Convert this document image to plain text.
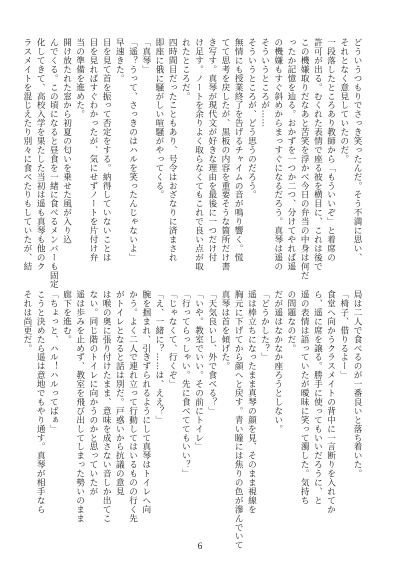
どういうつもりでさっき笑ったんだ。そう不満に思い、
それとなく意見していたのだ。
一段落したところあり教師から「もういいぞ」と着席の
許可が出る。むくれた表情で座る彼を横目に、これは後で
この機嫌取りだなあと苦笑を浮かべ今日の弁当の中身は何だ
ったか記憶を辿る。おかずを一つか二つ、分けてやれば遥
の機嫌もすぐ斜めからまっすぐになるだろう。真琴は遥の
そういうところが……
そういうところが、どう思うのだろう。
無情にも授業終了を告げるチャイムの音が鳴り響く。慌
てて思考を戻したが、黒板の内容を重要そうな箇所だけ書
き写す。真琴が現代文が好きな理由を最後に一つだけ付
け足す。ノートを余りよく取らなくてもこれで良い点が取
れたところだ。
四時間目だったこともあり、号令はおざなりに済まされ
即座に俄に騒がしい喧騒がやってくる。
「真琴」
「遥？うって、さっきのはハルを笑ったんじゃないよ」
早速きた。
目を見て首を振って否定をする。納得していないことは
目を見ればすぐわかったが、気にせずノートを片付け弁
当の準備を進めた。
開け放たれた窓から初夏の匂いを乗せた風が入り込
んでくる。この頃になると昼食を一緒に食べるメンバーも固定
化してきて、高校入学を果たした当初は遥も真琴も他のク
ラスメイトを混じえたり別々に食べたりもしていたが、結
局は二人で食べるのが一番良いと落ち着いた。
「椅子、借りるよー」
食堂へ向かうクラスメイトの背中に一言断りを入れてか
ら、遥に席を譲る。勝手に使ってもいいだろうに、と
遥の表情は語っていたが曖昧に笑って濁した。気持ち
の問題なのだ。
だが遥はなかなか座ろうとしない。
「どうかした？」
遥は棒立ちになったまま真琴の顔を見、そのまま視線を
胸元に下げてから顔へと戻す。青い瞳には焦りの色が滲んでいて
真琴は首を傾げた。
「天気良いし、外で食べる？」
「いや。教室でいい。その前にトイレ」
「行ってらっしゃい。先に食べててもいい？」
「じゃなくて、行くぞ」
「え、一緒に？……は、ええ？」
腕を掴まれ、引きずられるようにして真琴はトイレへ向
かう。よく二人で連れ立って行動してはいるものの行く先
がトイレとなると話は別だ。戸惑いから抗議の意見
は喉の奥に張り付けたまま、意味を成さない音しか出てこ
ない。同じ階のトイレに向かうのかと思っていたが
遥は歩みを止めず、教室を飛び出してしまった勢いのまま
廊下を進む。
「ちょっと、ハル！ハルってばぁ」
こうと決めたら遥は意地でもやり通す。真琴が相手なら
それは尚更だ。
6
